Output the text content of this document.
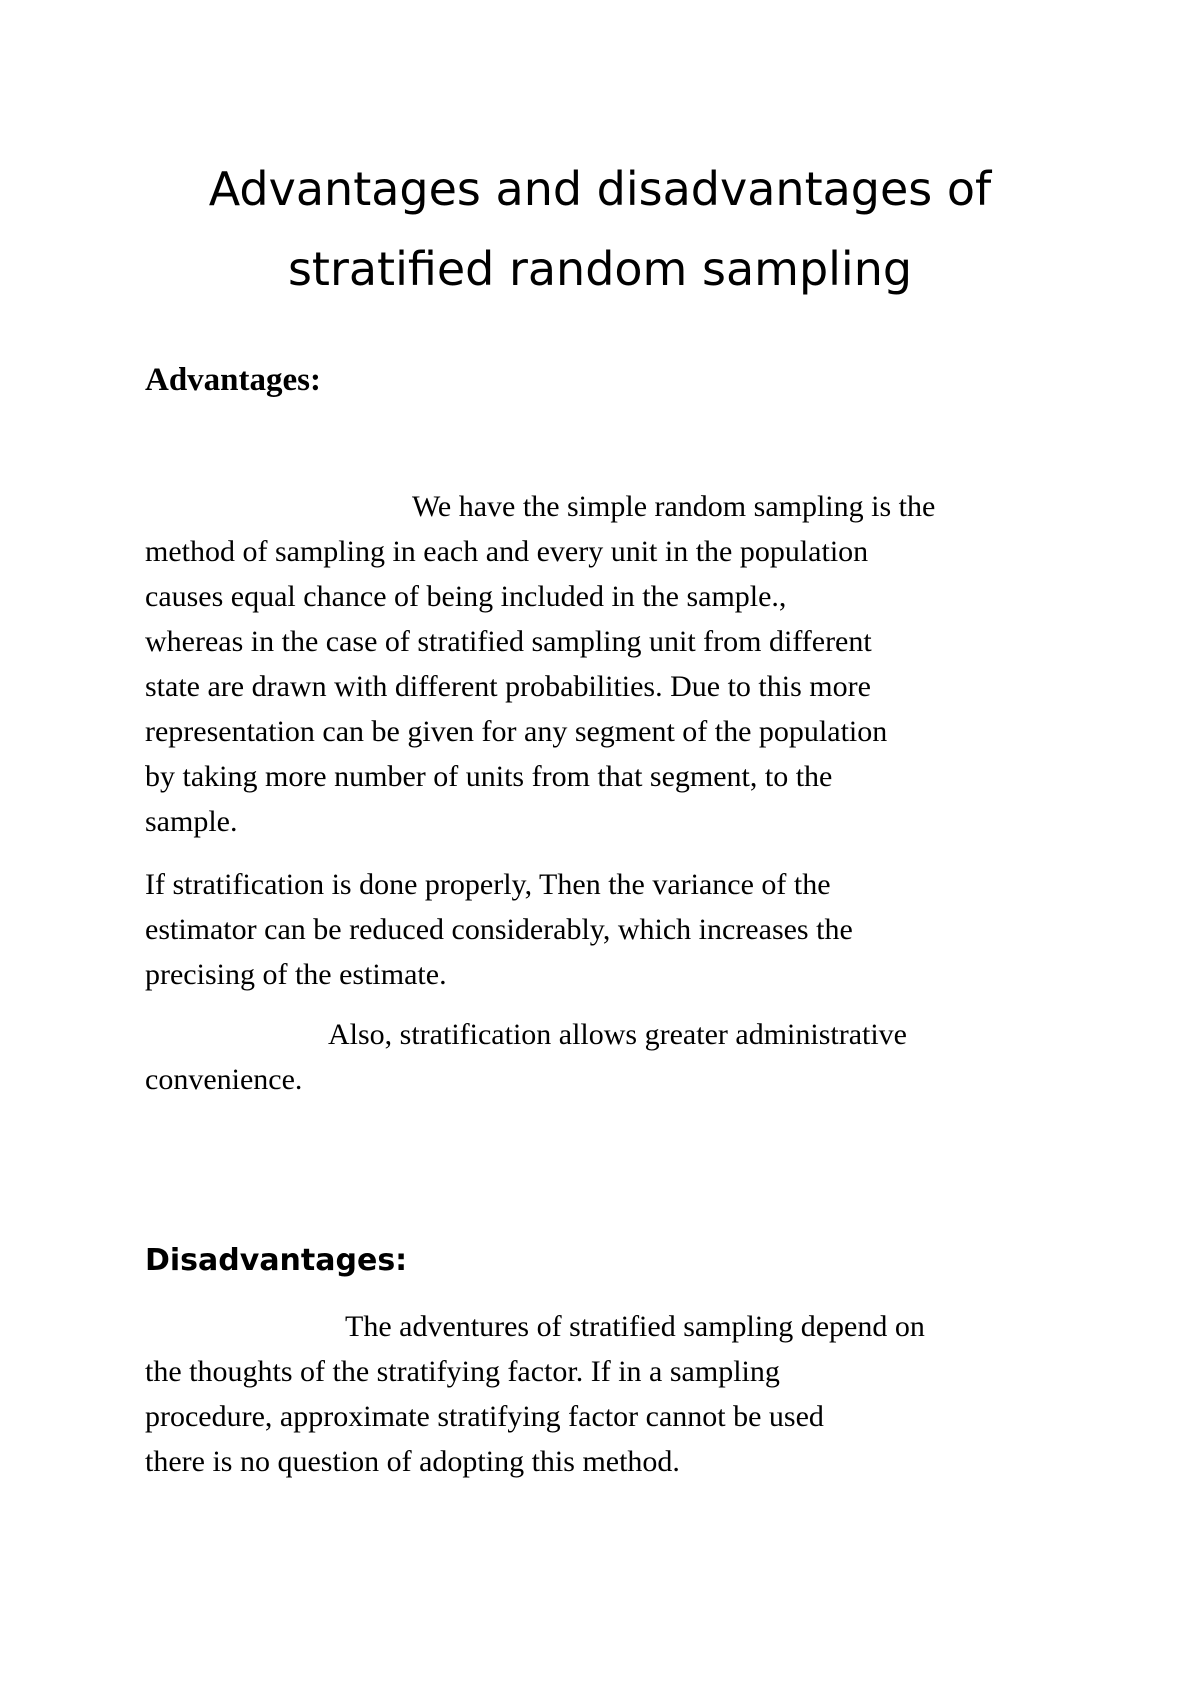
Advantages and disadvantages of
stratified random sampling
Advantages:

We have the simple random sampling is the
method of sampling in each and every unit in the population
causes equal chance of being included in the sample.,
whereas in the case of stratified sampling unit from different
state are drawn with different probabilities. Due to this more
representation can be given for any segment of the population
by taking more number of units from that segment, to the
sample.

If stratification is done properly, Then the variance of the
estimator can be reduced considerably, which increases the
precising of the estimate.

Also, stratification allows greater administrative
convenience.

Disadvantages:

The adventures of stratified sampling depend on
the thoughts of the stratifying factor. If in a sampling
procedure, approximate stratifying factor cannot be used
there is no question of adopting this method.
